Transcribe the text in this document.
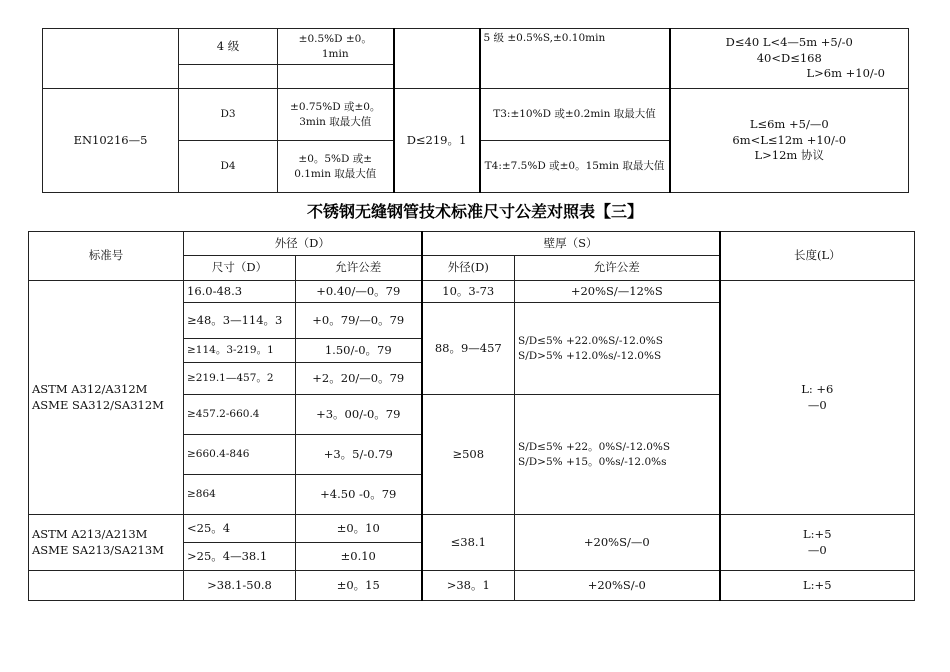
	4 级	±0.5%D ±0。
1min		5 级 ±0.5%S,±0.10min	D≤40 L<4—5m +5/-0
40<D≤168
L>6m +10/-0

EN10216—5	D3	±0.75%D 或±0。
3min 取最大值	D≤219。1	T3:±10%D 或±0.2min 取最大值	L≤6m +5/—0
6m<L≤12m +10/-0
L>12m 协议

	D4	±0。5%D 或±
0.1min 取最大值		T4:±7.5%D 或±0。15min 取最大值	
不锈钢无缝钢管技术标准尺寸公差对照表【三】
标准号	外径（D）		壁厚（S）		长度(L）
	尺寸（D）	允许公差	外径(D)	允许公差	

ASTM A312/A312M
ASME SA312/SA312M	16.0-48.3	+0.40/—0。79	10。3-73	+20%S/—12%S	L: +6
—0
	≥48。3—114。3	+0。79/—0。79	88。9—457	S/D≤5% +22.0%S/-12.0%S
S/D>5% +12.0%s/-12.0%S	

	≥114。3-219。1	1.50/-0。79			
	≥219.1—457。2	+2。20/—0。79			
	≥457.2-660.4	+3。00/-0。79	≥508	S/D≤5% +22。0%S/-12.0%S
S/D>5% +15。0%s/-12.0%s	

	≥660.4-846	+3。5/-0.79			
	≥864	+4.50 -0。79			

ASTM A213/A213M
ASME SA213/SA213M	<25。4	±0。10	≤38.1	+20%S/—0	L:+5
—0
	>25。4—38.1	±0.10			
	>38.1-50.8	±0。15	>38。1	+20%S/-0	L:+5
